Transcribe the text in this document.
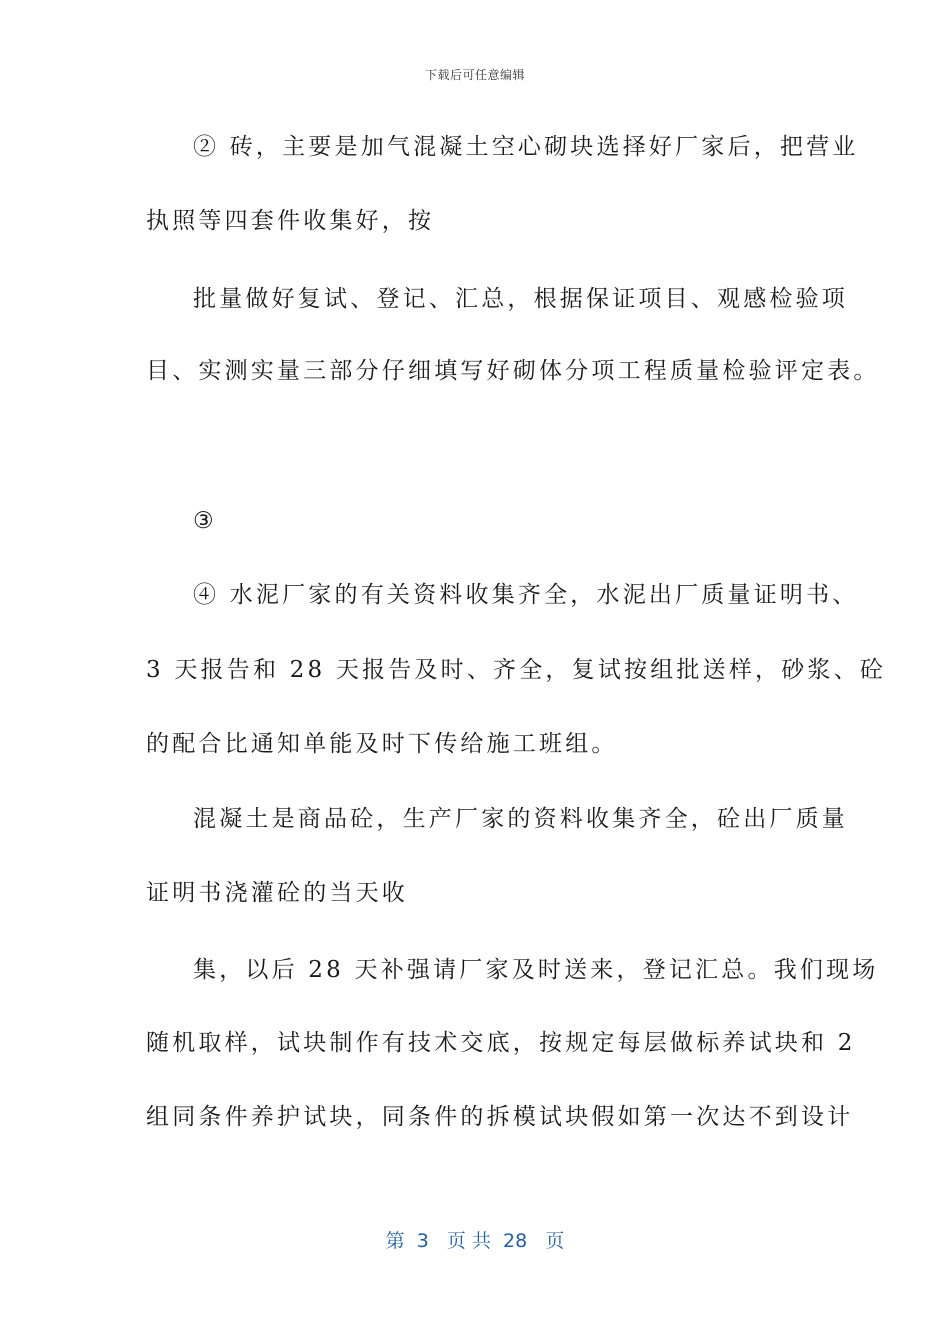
下载后可任意编辑
② 砖，主要是加气混凝土空心砌块选择好厂家后，把营业
执照等四套件收集好，按
批量做好复试、登记、汇总，根据保证项目、观感检验项
目、实测实量三部分仔细填写好砌体分项工程质量检验评定表。
③
④ 水泥厂家的有关资料收集齐全，水泥出厂质量证明书、
3 天报告和 28 天报告及时、齐全，复试按组批送样，砂浆、砼
的配合比通知单能及时下传给施工班组。
混凝土是商品砼，生产厂家的资料收集齐全，砼出厂质量
证明书浇灌砼的当天收
集，以后 28 天补强请厂家及时送来，登记汇总。我们现场
随机取样，试块制作有技术交底，按规定每层做标养试块和 2
组同条件养护试块，同条件的拆模试块假如第一次达不到设计
第  3   页 共  28   页
